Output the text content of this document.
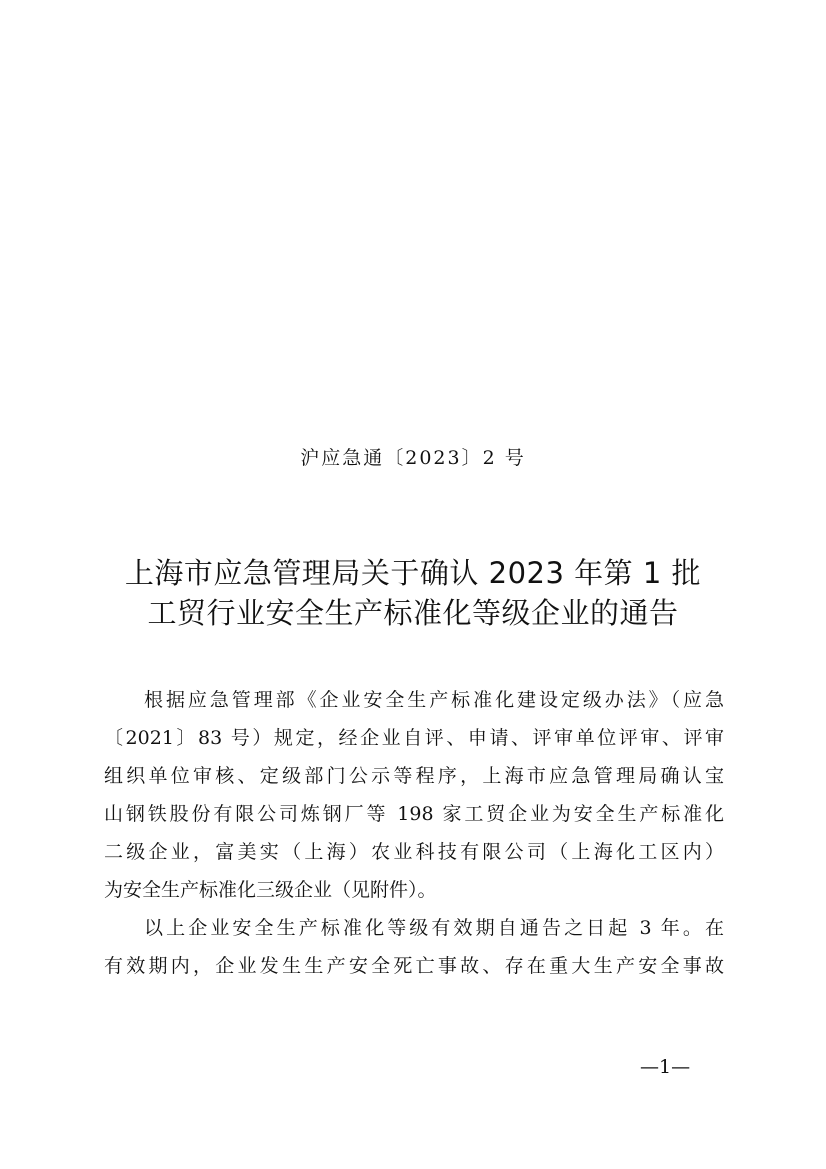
沪应急通〔2023〕2 号
上海市应急管理局关于确认 2023 年第 1 批
工贸行业安全生产标准化等级企业的通告
根据应急管理部《企业安全生产标准化建设定级办法》（应急
〔2021〕83 号）规定，经企业自评、申请、评审单位评审、评审
组织单位审核、定级部门公示等程序，上海市应急管理局确认宝
山钢铁股份有限公司炼钢厂等 198 家工贸企业为安全生产标准化
二级企业，富美实（上海）农业科技有限公司（上海化工区内）
为安全生产标准化三级企业（见附件）。
以上企业安全生产标准化等级有效期自通告之日起 3 年。在
有效期内，企业发生生产安全死亡事故、存在重大生产安全事故
—1—
